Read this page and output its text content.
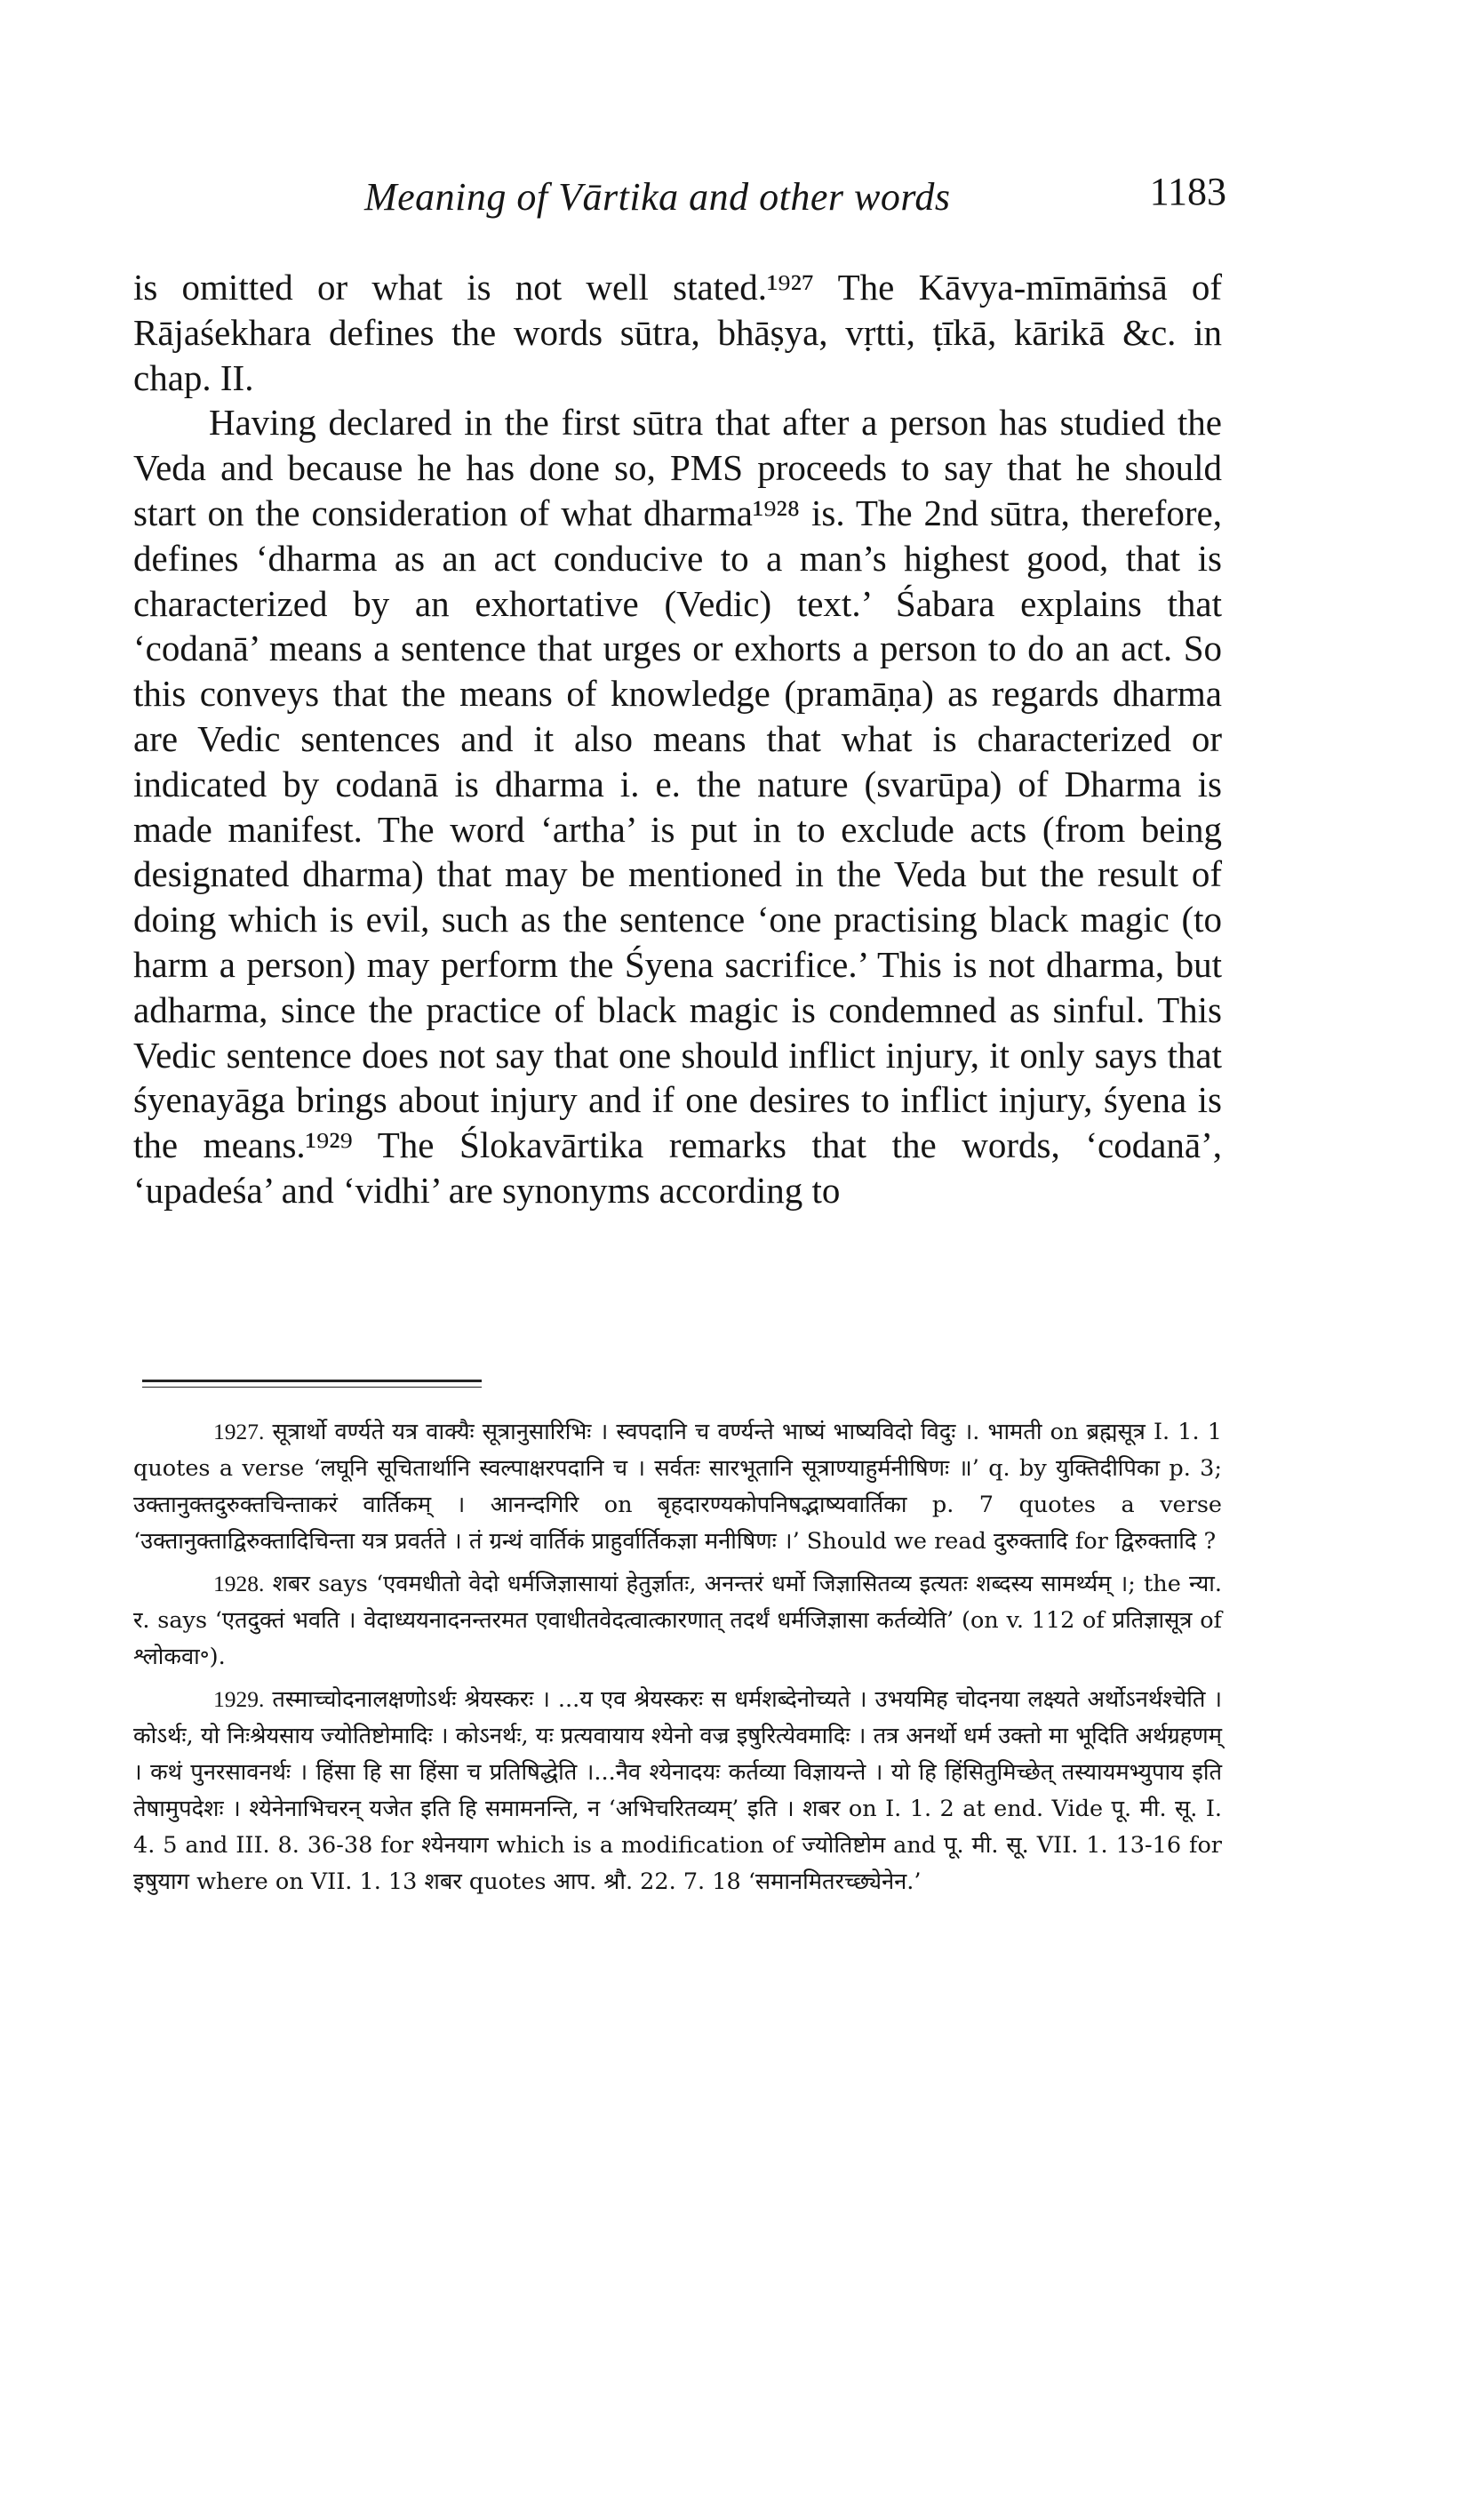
Meaning of Vārtika and other words	1183

is omitted or what is not well stated.¹⁹²⁷ The Kāvya-mīmāṁsā of Rājaśekhara defines the words sūtra, bhāṣya, vṛtti, ṭīkā, kārikā &c. in chap. II.

Having declared in the first sūtra that after a person has studied the Veda and because he has done so, PMS proceeds to say that he should start on the consideration of what dharma¹⁹²⁸ is. The 2nd sūtra, therefore, defines ‘dharma as an act conducive to a man’s highest good, that is characterized by an exhortative (Vedic) text.’ Śabara explains that ‘codanā’ means a sentence that urges or exhorts a person to do an act. So this conveys that the means of knowledge (pramāṇa) as regards dharma are Vedic sentences and it also means that what is characterized or indicated by codanā is dharma i. e. the nature (svarūpa) of Dharma is made manifest. The word ‘artha’ is put in to exclude acts (from being designated dharma) that may be mentioned in the Veda but the result of doing which is evil, such as the sentence ‘one practising black magic (to harm a person) may perform the Śyena sacrifice.’ This is not dharma, but adharma, since the practice of black magic is condemned as sinful. This Vedic sentence does not say that one should inflict injury, it only says that śyenayāga brings about injury and if one desires to inflict injury, śyena is the means.¹⁹²⁹ The Ślokavārtika remarks that the words, ‘codanā’, ‘upadeśa’ and ‘vidhi’ are synonyms according to

1927. सूत्रार्थो वर्ण्यते यत्र वाक्यैः सूत्रानुसारिभिः । स्वपदानि च वर्ण्यन्ते भाष्यं भाष्यविदो विदुः ।. भामती on ब्रह्मसूत्र I. 1. 1 quotes a verse ‘लघूनि सूचितार्थानि स्वल्पाक्षरपदानि च । सर्वतः सारभूतानि सूत्राण्याहुर्मनीषिणः ॥’ q. by युक्तिदीपिका p. 3; उक्तानुक्तदुरुक्तचिन्ताकरं वार्तिकम् । आनन्दगिरि on बृहदारण्यकोपनिषद्भाष्यवार्तिका p. 7 quotes a verse ‘उक्तानुक्ताद्विरुक्तादिचिन्ता यत्र प्रवर्तते । तं ग्रन्थं वार्तिकं प्राहुर्वार्तिकज्ञा मनीषिणः ।’ Should we read दुरुक्तादि for द्विरुक्तादि ?

1928. शबर says ‘एवमधीतो वेदो धर्मजिज्ञासायां हेतुर्ज्ञातः, अनन्तरं धर्मो जिज्ञासितव्य इत्यतः शब्दस्य सामर्थ्यम् ।; the न्या. र. says ‘एतदुक्तं भवति । वेदाध्ययनादनन्तरमत एवाधीतवेदत्वात्कारणात् तदर्थं धर्मजिज्ञासा कर्तव्येति’ (on v. 112 of प्रतिज्ञासूत्र of श्लोकवा॰).

1929. तस्माच्चोदनालक्षणोऽर्थः श्रेयस्करः । ...य एव श्रेयस्करः स धर्मशब्देनोच्यते । उभयमिह चोदनया लक्ष्यते अर्थोऽनर्थश्चेति । कोऽर्थः, यो निःश्रेयसाय ज्योतिष्टोमादिः । कोऽनर्थः, यः प्रत्यवायाय श्येनो वज्र इषुरित्येवमादिः । तत्र अनर्थो धर्म उक्तो मा भूदिति अर्थग्रहणम् । कथं पुनरसावनर्थः । हिंसा हि सा हिंसा च प्रतिषिद्धेति ।...नैव श्येनादयः कर्तव्या विज्ञायन्ते । यो हि हिंसितुमिच्छेत् तस्यायमभ्युपाय इति तेषामुपदेशः । श्येनेनाभिचरन् यजेत इति हि समामनन्ति, न ‘अभिचरितव्यम्’ इति । शबर on I. 1. 2 at end. Vide पू. मी. सू. I. 4. 5 and III. 8. 36-38 for श्येनयाग which is a modification of ज्योतिष्टोम and पू. मी. सू. VII. 1. 13-16 for इषुयाग where on VII. 1. 13 शबर quotes आप. श्रौ. 22. 7. 18 ‘समानमितरच्छ्येनेन.’
